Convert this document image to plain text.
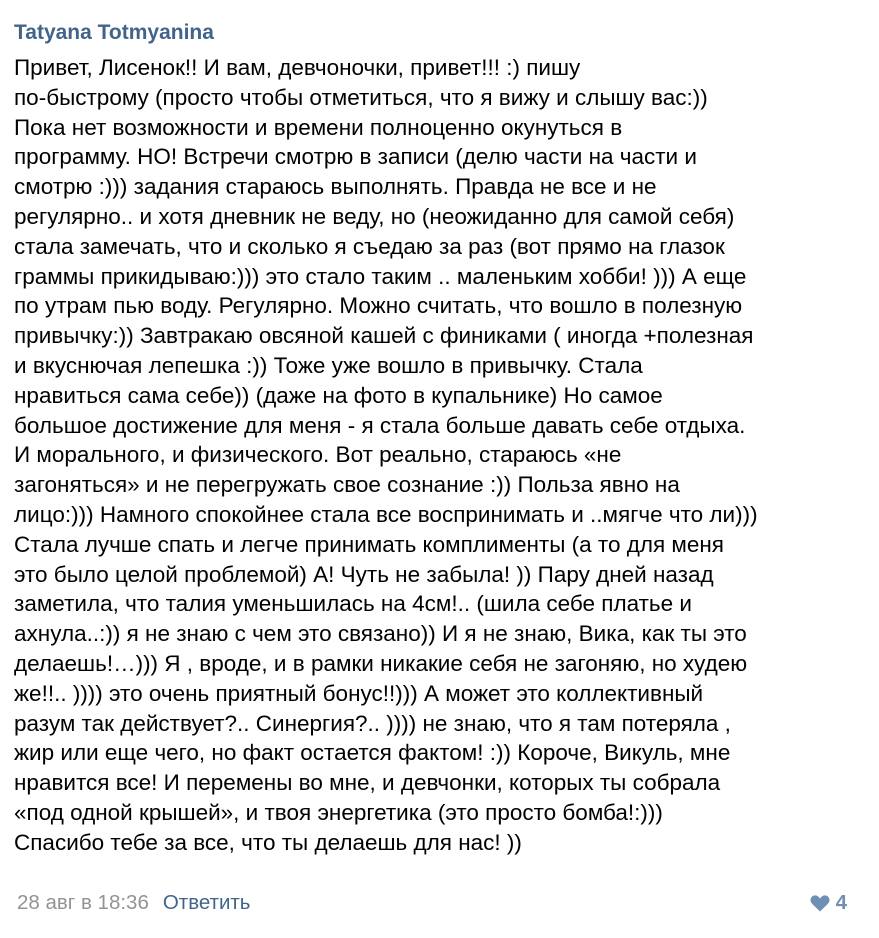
Tatyana Totmyanina
Привет, Лисенок!! И вам, девчоночки, привет!!! :) пишу
по-быстрому (просто чтобы отметиться, что я вижу и слышу вас:))
Пока нет возможности и времени полноценно окунуться в
программу. НО! Встречи смотрю в записи (делю части на части и
смотрю :))) задания стараюсь выполнять. Правда не все и не
регулярно.. и хотя дневник не веду, но (неожиданно для самой себя)
стала замечать, что и сколько я съедаю за раз (вот прямо на глазок
граммы прикидываю:))) это стало таким .. маленьким хобби! ))) А еще
по утрам пью воду. Регулярно. Можно считать, что вошло в полезную
привычку:)) Завтракаю овсяной кашей с финиками ( иногда +полезная
и вкуснючая лепешка :)) Тоже уже вошло в привычку. Стала
нравиться сама себе)) (даже на фото в купальнике) Но самое
большое достижение для меня - я стала больше давать себе отдыха.
И морального, и физического. Вот реально, стараюсь «не
загоняться» и не перегружать свое сознание :)) Польза явно на
лицо:))) Намного спокойнее стала все воспринимать и ..мягче что ли)))
Стала лучше спать и легче принимать комплименты (а то для меня
это было целой проблемой) А! Чуть не забыла! )) Пару дней назад
заметила, что талия уменьшилась на 4см!.. (шила себе платье и
ахнула..:)) я не знаю с чем это связано)) И я не знаю, Вика, как ты это
делаешь!…))) Я , вроде, и в рамки никакие себя не загоняю, но худею
же!!.. )))) это очень приятный бонус!!))) А может это коллективный
разум так действует?.. Синергия?.. )))) не знаю, что я там потеряла ,
жир или еще чего, но факт остается фактом! :)) Короче, Викуль, мне
нравится все! И перемены во мне, и девчонки, которых ты собрала
«под одной крышей», и твоя энергетика (это просто бомба!:)))
Спасибо тебе за все, что ты делаешь для нас! ))
28 авг в 18:36 Ответить	4
